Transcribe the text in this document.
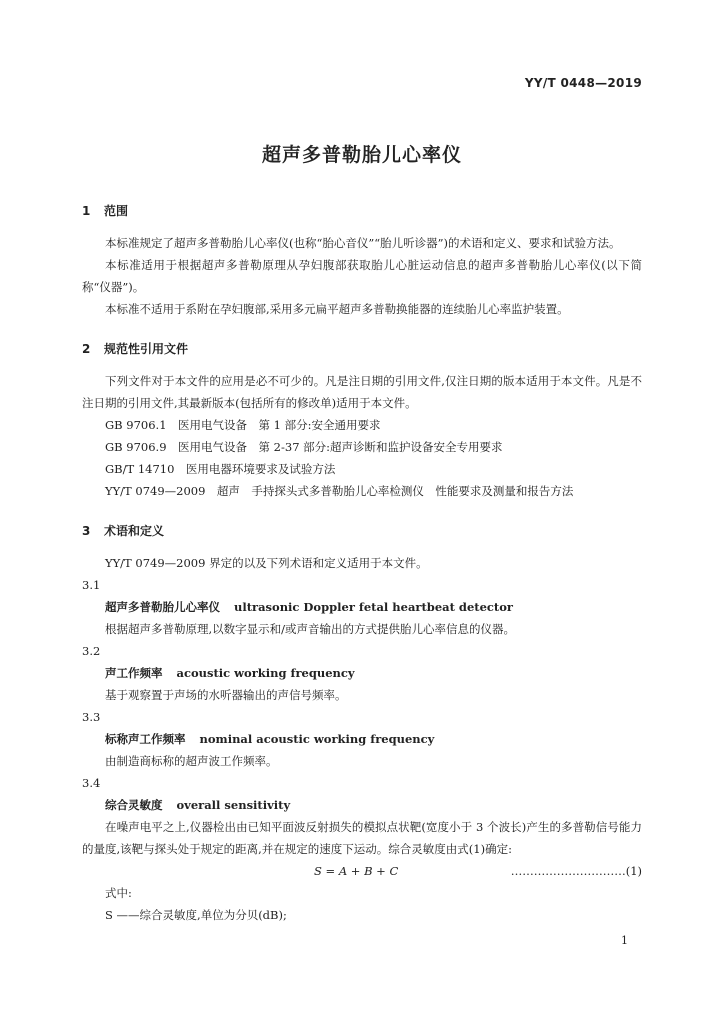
YY/T 0448—2019
超声多普勒胎儿心率仪

1 范围

本标准规定了超声多普勒胎儿心率仪(也称“胎心音仪”“胎儿听诊器”)的术语和定义、要求和试验方法。

本标准适用于根据超声多普勒原理从孕妇腹部获取胎儿心脏运动信息的超声多普勒胎儿心率仪(以下简称“仪器”)。

本标准不适用于系附在孕妇腹部,采用多元扁平超声多普勒换能器的连续胎儿心率监护装置。

2 规范性引用文件

下列文件对于本文件的应用是必不可少的。凡是注日期的引用文件,仅注日期的版本适用于本文件。凡是不注日期的引用文件,其最新版本(包括所有的修改单)适用于本文件。

GB 9706.1　医用电气设备　第 1 部分:安全通用要求

GB 9706.9　医用电气设备　第 2-37 部分:超声诊断和监护设备安全专用要求

GB/T 14710　医用电器环境要求及试验方法

YY/T 0749—2009　超声　手持探头式多普勒胎儿心率检测仪　性能要求及测量和报告方法

3 术语和定义

YY/T 0749—2009 界定的以及下列术语和定义适用于本文件。

3.1

超声多普勒胎儿心率仪 ultrasonic Doppler fetal heartbeat detector

根据超声多普勒原理,以数字显示和/或声音输出的方式提供胎儿心率信息的仪器。

3.2

声工作频率 acoustic working frequency

基于观察置于声场的水听器输出的声信号频率。

3.3

标称声工作频率 nominal acoustic working frequency

由制造商标称的超声波工作频率。

3.4

综合灵敏度 overall sensitivity

在噪声电平之上,仪器检出由已知平面波反射损失的模拟点状靶(宽度小于 3 个波长)产生的多普勒信号能力的量度,该靶与探头处于规定的距离,并在规定的速度下运动。综合灵敏度由式(1)确定:

S = A + B + C	…………………………(1)

式中:

S ——综合灵敏度,单位为分贝(dB);

1
